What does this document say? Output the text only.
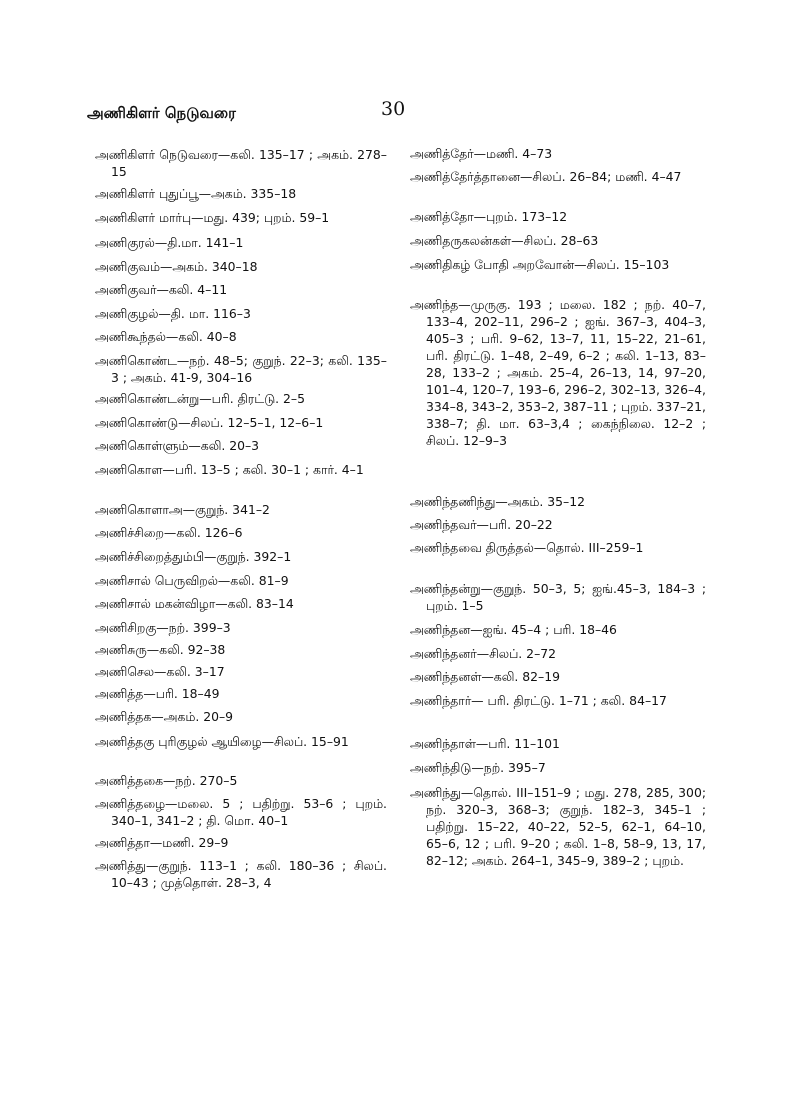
அணிகிளர் நெடுவரை	30
அணிகிளர் நெடுவரை—கலி. 135–17 ; அகம். 278–15
அணிகிளர் புதுப்பூ—அகம். 335–18
அணிகிளர் மார்பு—மது. 439; புறம். 59–1
அணிகுரல்—தி.மா. 141–1
அணிகுவம்—அகம். 340–18
அணிகுவர்—கலி. 4–11
அணிகுழல்—தி. மா. 116–3
அணிகூந்தல்—கலி. 40–8
அணிகொண்ட—நற். 48–5; குறுந். 22–3; கலி. 135–3 ; அகம். 41-9, 304–16
அணிகொண்டன்று—பரி. திரட்டு. 2–5
அணிகொண்டு—சிலப். 12–5–1, 12–6–1
அணிகொள்ளும்—கலி. 20–3
அணிகொள—பரி. 13–5 ; கலி. 30–1 ; கார். 4–1
அணிகொளாஅ—குறுந். 341–2
அணிச்சிறை—கலி. 126–6
அணிச்சிறைத்தும்பி—குறுந். 392–1
அணிசால் பெருவிறல்—கலி. 81–9
அணிசால் மகன்விழா—கலி. 83–14
அணிசிறகு—நற். 399–3
அணிசுரு—கலி. 92–38
அணிசெல—கலி. 3–17
அணித்த—பரி. 18–49
அணித்தக—அகம். 20–9
அணித்தகு புரிகுழல் ஆயிழை—சிலப். 15–91
அணித்தகை—நற். 270–5
அணித்தழை—மலை. 5 ; பதிற்று. 53–6 ; புறம். 340–1, 341–2 ; தி. மொ. 40–1
அணித்தா—மணி. 29–9
அணித்து—குறுந். 113–1 ; கலி. 180–36 ; சிலப். 10–43 ; முத்தொள். 28–3, 4
அணித்தேர்—மணி. 4–73
அணித்தேர்த்தானை—சிலப். 26–84; மணி. 4–47
அணித்தோ—புறம். 173–12
அணிதருகலன்கள்—சிலப். 28–63
அணிதிகழ் போதி அறவோன்—சிலப். 15–103
அணிந்த—முருகு. 193 ; மலை. 182 ; நற். 40–7, 133–4, 202–11, 296–2 ; ஐங். 367–3, 404–3, 405–3 ; பரி. 9–62, 13–7, 11, 15–22, 21–61, பரி. திரட்டு. 1–48, 2–49, 6–2 ; கலி. 1–13, 83–28, 133–2 ; அகம். 25–4, 26–13, 14, 97–20, 101–4, 120–7, 193–6, 296–2, 302–13, 326–4, 334–8, 343–2, 353–2, 387–11 ; புறம். 337–21, 338–7; தி. மா. 63–3,4 ; கைந்நிலை. 12–2 ; சிலப். 12–9–3
அணிந்தணிந்து—அகம். 35–12
அணிந்தவர்—பரி. 20–22
அணிந்தவை திருத்தல்—தொல். III–259–1
அணிந்தன்று—குறுந். 50–3, 5; ஐங்.45–3, 184–3 ; புறம். 1–5
அணிந்தன—ஐங். 45–4 ; பரி. 18–46
அணிந்தனர்—சிலப். 2–72
அணிந்தனள்—கலி. 82–19
அணிந்தார்— பரி. திரட்டு. 1–71 ; கலி. 84–17
அணிந்தாள்—பரி. 11–101
அணிந்திடு—நற். 395–7
அணிந்து—தொல். III–151–9 ; மது. 278, 285, 300; நற். 320–3, 368–3; குறுந். 182–3, 345–1 ; பதிற்று. 15–22, 40–22, 52–5, 62–1, 64–10, 65–6, 12 ; பரி. 9–20 ; கலி. 1–8, 58–9, 13, 17, 82–12; அகம். 264–1, 345–9, 389–2 ; புறம்.
